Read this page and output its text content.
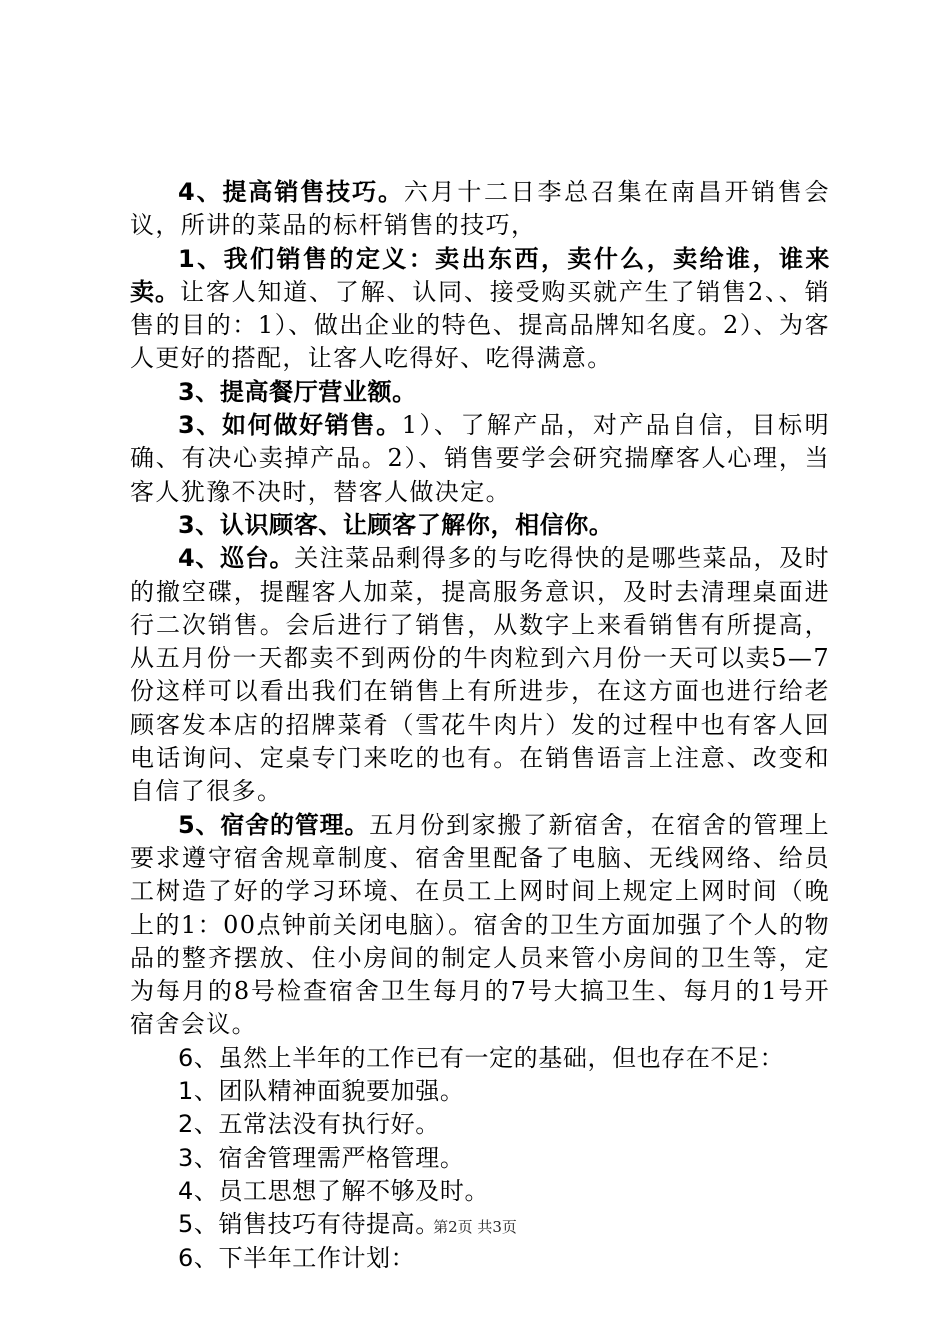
4、提高销售技巧。六月十二日李总召集在南昌开销售会议，所讲的菜品的标杆销售的技巧，

1、我们销售的定义：卖出东西，卖什么，卖给谁，谁来卖。让客人知道、了解、认同、接受购买就产生了销售2、、销售的目的：1）、做出企业的特色、提高品牌知名度。2）、为客人更好的搭配，让客人吃得好、吃得满意。

3、提高餐厅营业额。

3、如何做好销售。1）、了解产品，对产品自信，目标明确、有决心卖掉产品。2）、销售要学会研究揣摩客人心理，当客人犹豫不决时，替客人做决定。

3、认识顾客、让顾客了解你，相信你。

4、巡台。关注菜品剩得多的与吃得快的是哪些菜品，及时的撤空碟，提醒客人加菜，提高服务意识，及时去清理桌面进行二次销售。会后进行了销售，从数字上来看销售有所提高，从五月份一天都卖不到两份的牛肉粒到六月份一天可以卖5—7份这样可以看出我们在销售上有所进步，在这方面也进行给老顾客发本店的招牌菜肴（雪花牛肉片）发的过程中也有客人回电话询问、定桌专门来吃的也有。在销售语言上注意、改变和自信了很多。

5、宿舍的管理。五月份到家搬了新宿舍，在宿舍的管理上要求遵守宿舍规章制度、宿舍里配备了电脑、无线网络、给员工树造了好的学习环境、在员工上网时间上规定上网时间（晚上的1：00点钟前关闭电脑）。宿舍的卫生方面加强了个人的物品的整齐摆放、住小房间的制定人员来管小房间的卫生等，定为每月的8号检查宿舍卫生每月的7号大搞卫生、每月的1号开宿舍会议。

6、虽然上半年的工作已有一定的基础，但也存在不足：

1、团队精神面貌要加强。

2、五常法没有执行好。

3、宿舍管理需严格管理。

4、员工思想了解不够及时。

5、销售技巧有待提高。

6、下半年工作计划：

第2页 共3页
